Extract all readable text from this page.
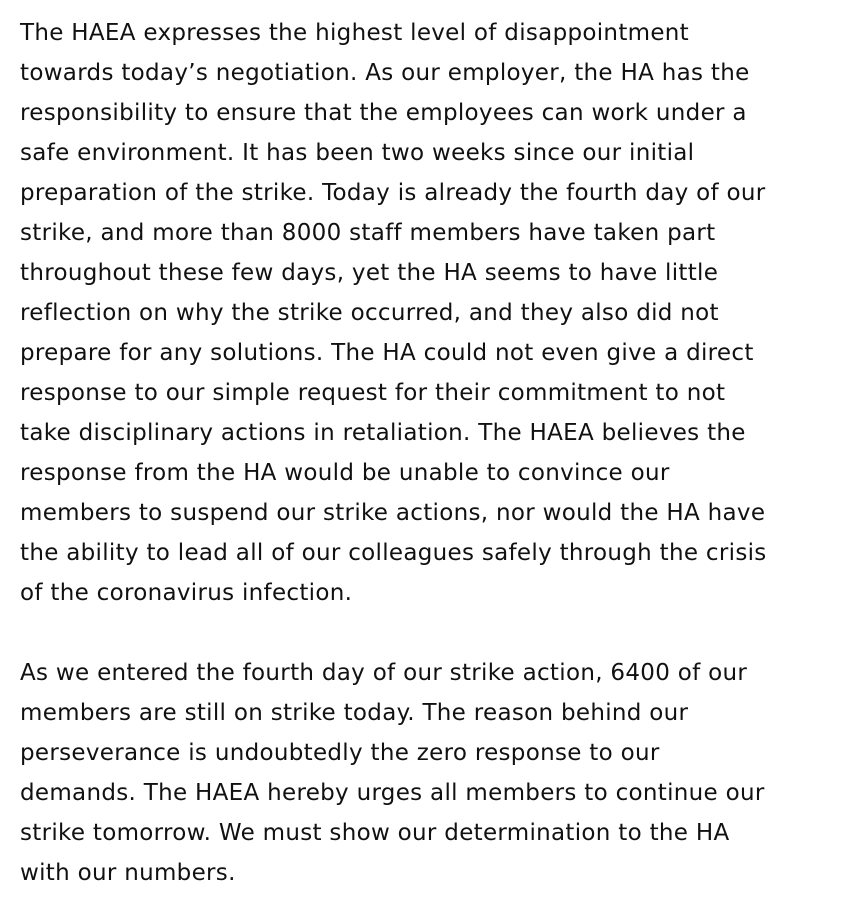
The HAEA expresses the highest level of disappointment
towards today’s negotiation. As our employer, the HA has the
responsibility to ensure that the employees can work under a
safe environment. It has been two weeks since our initial
preparation of the strike. Today is already the fourth day of our
strike, and more than 8000 staff members have taken part
throughout these few days, yet the HA seems to have little
reflection on why the strike occurred, and they also did not
prepare for any solutions. The HA could not even give a direct
response to our simple request for their commitment to not
take disciplinary actions in retaliation. The HAEA believes the
response from the HA would be unable to convince our
members to suspend our strike actions, nor would the HA have
the ability to lead all of our colleagues safely through the crisis
of the coronavirus infection.
As we entered the fourth day of our strike action, 6400 of our
members are still on strike today. The reason behind our
perseverance is undoubtedly the zero response to our
demands. The HAEA hereby urges all members to continue our
strike tomorrow. We must show our determination to the HA
with our numbers.
